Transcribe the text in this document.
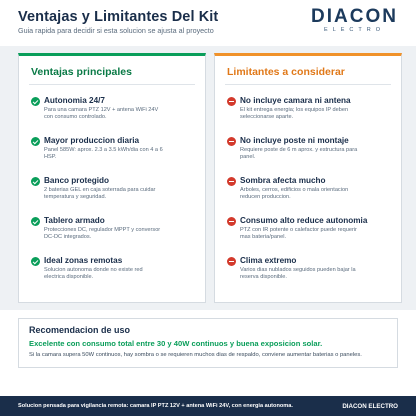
Ventajas y Limitantes Del Kit
Guia rapida para decidir si esta solucion se ajusta al proyecto
DIACON
ELECTRO
Ventajas principales
Autonomia 24/7
Para una camara PTZ 12V + antena WiFi 24V con consumo controlado.
Mayor produccion diaria
Panel 585W: aprox. 2.3 a 3.5 kWh/dia con 4 a 6 HSP.
Banco protegido
2 baterias GEL en caja soterrada para cuidar temperatura y seguridad.
Tablero armado
Protecciones DC, regulador MPPT y conversor DC-DC integrados.
Ideal zonas remotas
Solucion autonoma donde no existe red electrica disponible.
Limitantes a considerar
No incluye camara ni antena
El kit entrega energia; los equipos IP deben seleccionarse aparte.
No incluye poste ni montaje
Requiere poste de 6 m aprox. y estructura para panel.
Sombra afecta mucho
Arboles, cerros, edificios o mala orientacion reducen produccion.
Consumo alto reduce autonomia
PTZ con IR potente o calefactor puede requerir mas bateria/panel.
Clima extremo
Varios dias nublados seguidos pueden bajar la reserva disponible.
Recomendacion de uso
Excelente con consumo total entre 30 y 40W continuos y buena exposicion solar.
Si la camara supera 50W continuos, hay sombra o se requieren muchos dias de respaldo, conviene aumentar baterias o paneles.
Solucion pensada para vigilancia remota: camara IP PTZ 12V + antena WiFi 24V, con energia autonoma.	DIACON ELECTRO
